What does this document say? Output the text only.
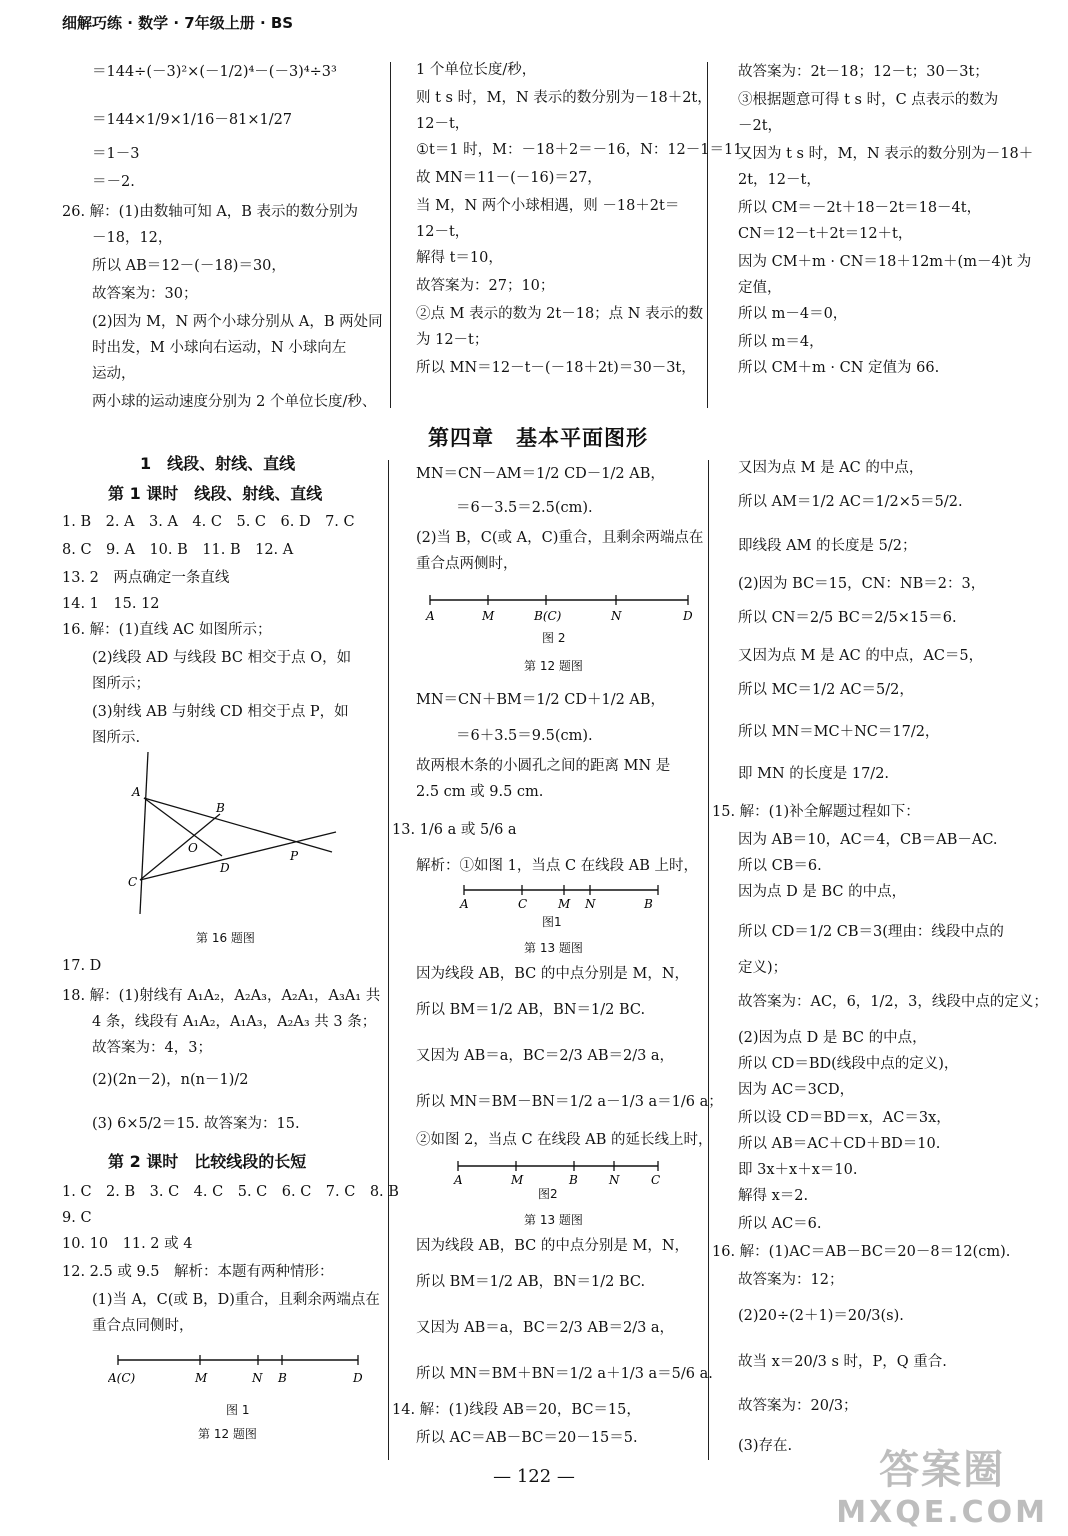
细解巧练 · 数学 · 7年级上册 · BS
第四章　基本平面图形
＝144÷(－3)²×(－1/2)⁴－(－3)⁴÷3³
＝144×1/9×1/16－81×1/27
＝1－3
＝－2.
26. 解：(1)由数轴可知 A，B 表示的数分别为
－18，12，
所以 AB＝12－(－18)＝30，
故答案为：30；
(2)因为 M，N 两个小球分别从 A，B 两处同
时出发，M 小球向右运动，N 小球向左
运动，
两小球的运动速度分别为 2 个单位长度/秒、
1 个单位长度/秒，
则 t s 时，M，N 表示的数分别为－18＋2t，
12－t，
①t＝1 时，M：－18＋2＝－16，N：12－1＝11，
故 MN＝11－(－16)＝27，
当 M，N 两个小球相遇，则 －18＋2t＝
12－t，
解得 t＝10，
故答案为：27；10；
②点 M 表示的数为 2t－18；点 N 表示的数
为 12－t；
所以 MN＝12－t－(－18＋2t)＝30－3t，
故答案为：2t－18；12－t；30－3t；
③根据题意可得 t s 时，C 点表示的数为
－2t，
又因为 t s 时，M，N 表示的数分别为－18＋
2t，12－t，
所以 CM＝－2t＋18－2t＝18－4t，
CN＝12－t＋2t＝12＋t，
因为 CM＋m · CN＝18＋12m＋(m－4)t 为
定值，
所以 m－4＝0，
所以 m＝4，
所以 CM＋m · CN 定值为 66.
1　线段、射线、直线
第 1 课时　线段、射线、直线
1. B　2. A　3. A　4. C　5. C　6. D　7. C
8. C　9. A　10. B　11. B　12. A
13. 2　两点确定一条直线
14. 1　15. 12
16. 解：(1)直线 AC 如图所示；
(2)线段 AD 与线段 BC 相交于点 O，如
图所示；
(3)射线 AB 与射线 CD 相交于点 P，如
图所示.
A
B
O
C
D
P
第 16 题图
17. D
18. 解：(1)射线有 A₁A₂，A₂A₃，A₂A₁，A₃A₁ 共
4 条，线段有 A₁A₂，A₁A₃，A₂A₃ 共 3 条；
故答案为：4，3；
(2)(2n－2)，n(n－1)/2
(3) 6×5/2＝15. 故答案为：15.
第 2 课时　比较线段的长短
1. C　2. B　3. C　4. C　5. C　6. C　7. C　8. B
9. C
10. 10　11. 2 或 4
12. 2.5 或 9.5　解析：本题有两种情形：
(1)当 A，C(或 B，D)重合，且剩余两端点在
重合点同侧时，
A(C)	M	N B	D
图 1
第 12 题图
MN＝CN－AM＝1/2 CD－1/2 AB，
＝6－3.5＝2.5(cm).
(2)当 B，C(或 A，C)重合，且剩余两端点在
重合点两侧时，
A	M	B(C)	N	D
图 2
第 12 题图
MN＝CN＋BM＝1/2 CD＋1/2 AB，
＝6＋3.5＝9.5(cm).
故两根木条的小圆孔之间的距离 MN 是
2.5 cm 或 9.5 cm.
13. 1/6 a 或 5/6 a
解析：①如图 1，当点 C 在线段 AB 上时，
A	C	M N	B
图1
第 13 题图
因为线段 AB，BC 的中点分别是 M，N，
所以 BM＝1/2 AB，BN＝1/2 BC.
又因为 AB＝a，BC＝2/3 AB＝2/3 a，
所以 MN＝BM－BN＝1/2 a－1/3 a＝1/6 a；
②如图 2，当点 C 在线段 AB 的延长线上时，
A	M	B	N	C
图2
第 13 题图
因为线段 AB，BC 的中点分别是 M，N，
所以 BM＝1/2 AB，BN＝1/2 BC.
又因为 AB＝a，BC＝2/3 AB＝2/3 a，
所以 MN＝BM＋BN＝1/2 a＋1/3 a＝5/6 a.
14. 解：(1)线段 AB＝20，BC＝15，
所以 AC＝AB－BC＝20－15＝5.
又因为点 M 是 AC 的中点，
所以 AM＝1/2 AC＝1/2×5＝5/2.
即线段 AM 的长度是 5/2；
(2)因为 BC＝15，CN：NB＝2：3，
所以 CN＝2/5 BC＝2/5×15＝6.
又因为点 M 是 AC 的中点，AC＝5，
所以 MC＝1/2 AC＝5/2，
所以 MN＝MC＋NC＝17/2，
即 MN 的长度是 17/2.
15. 解：(1)补全解题过程如下：
因为 AB＝10，AC＝4，CB＝AB－AC.
所以 CB＝6.
因为点 D 是 BC 的中点，
所以 CD＝1/2 CB＝3(理由：线段中点的
定义)；
故答案为：AC，6，1/2，3，线段中点的定义；
(2)因为点 D 是 BC 的中点，
所以 CD＝BD(线段中点的定义)，
因为 AC＝3CD，
所以设 CD＝BD＝x，AC＝3x，
所以 AB＝AC＋CD＋BD＝10.
即 3x＋x＋x＝10.
解得 x＝2.
所以 AC＝6.
16. 解：(1)AC＝AB－BC＝20－8＝12(cm).
故答案为：12；
(2)20÷(2＋1)＝20/3(s).
故当 x＝20/3 s 时，P，Q 重合.
故答案为：20/3；
(3)存在.
— 122 —	答案圈
MXQE.COM
